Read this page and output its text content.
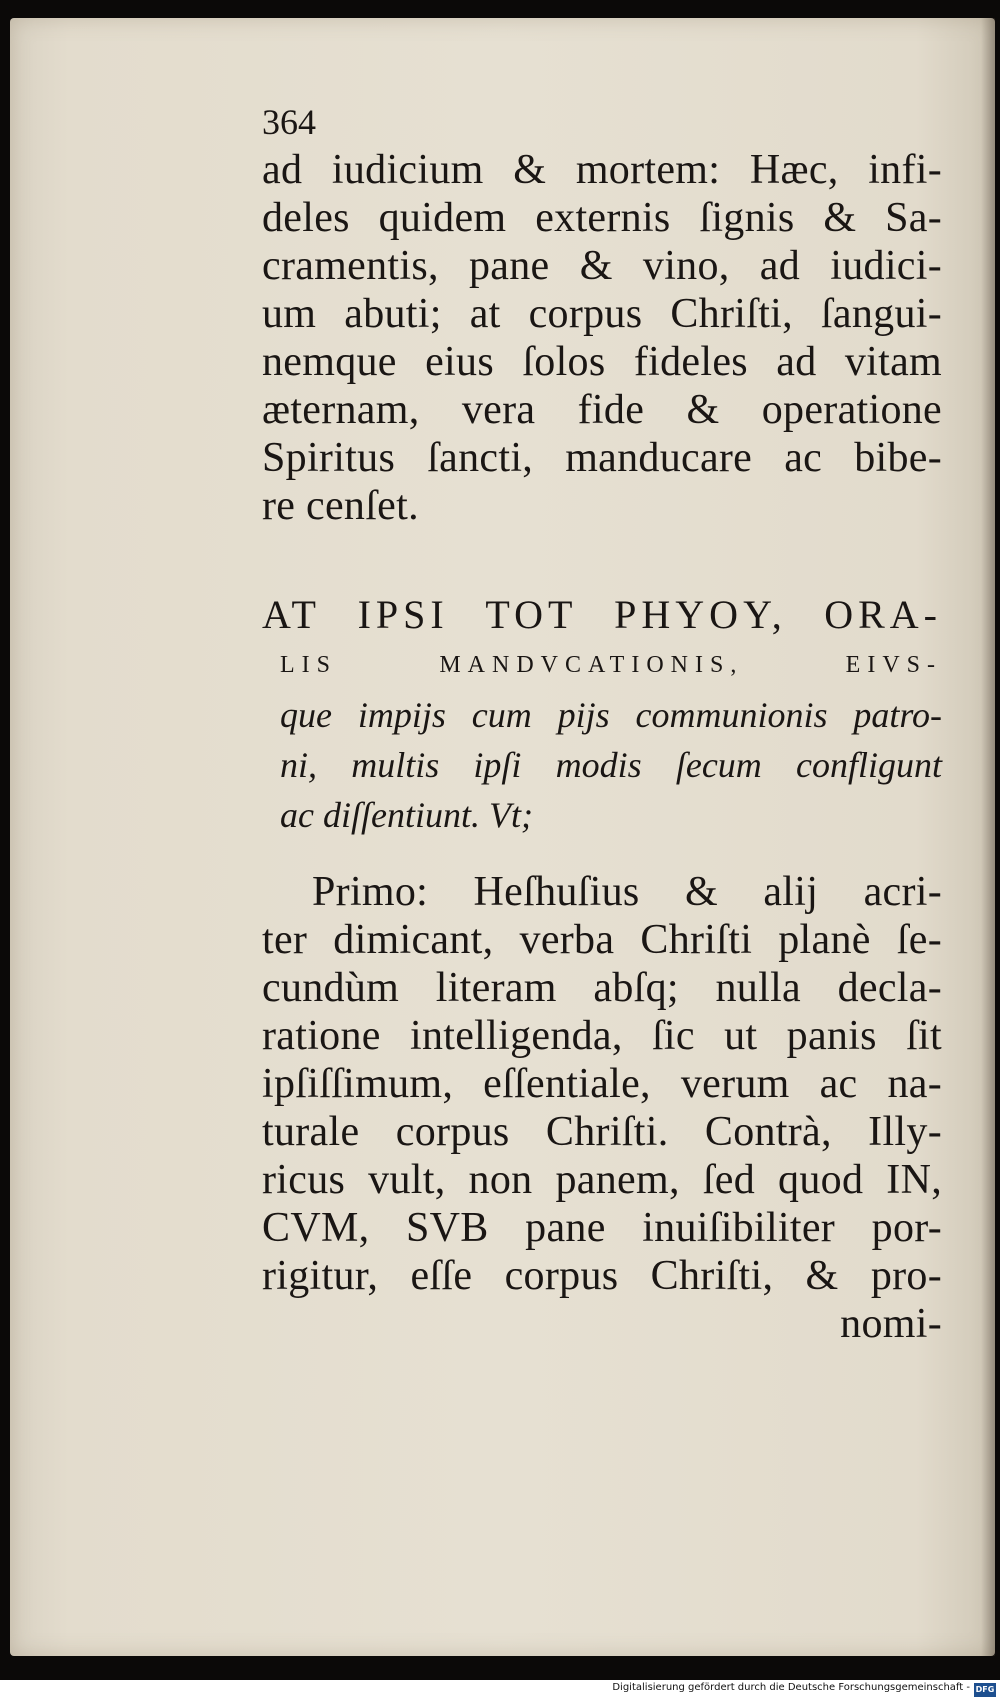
364
ad iudicium & mortem: Hæc, infi-
deles quidem externis ſignis & Sa-
cramentis, pane & vino, ad iudici-
um abuti; at corpus Chriſti, ſangui-
nemque eius ſolos fideles ad vitam
æternam, vera fide & operatione
Spiritus ſancti, manducare ac bibe-
re cenſet.
AT IPSI TOT PHYOY, ORA-
LIS MANDVCATIONIS, EIVS-
que impijs cum pijs communionis patro-
ni, multis ipſi modis ſecum confligunt
ac diſſentiunt. Vt;
Primo: Heſhuſius & alij acri-
ter dimicant, verba Chriſti planè ſe-
cundùm literam abſq; nulla decla-
ratione intelligenda, ſic ut panis ſit
ipſiſſimum, eſſentiale, verum ac na-
turale corpus Chriſti. Contrà, Illy-
ricus vult, non panem, ſed quod IN,
CVM, SVB pane inuiſibiliter por-
rigitur, eſſe corpus Chriſti, & pro-
nomi-
Digitalisierung gefördert durch die Deutsche Forschungsgemeinschaft - DFG
